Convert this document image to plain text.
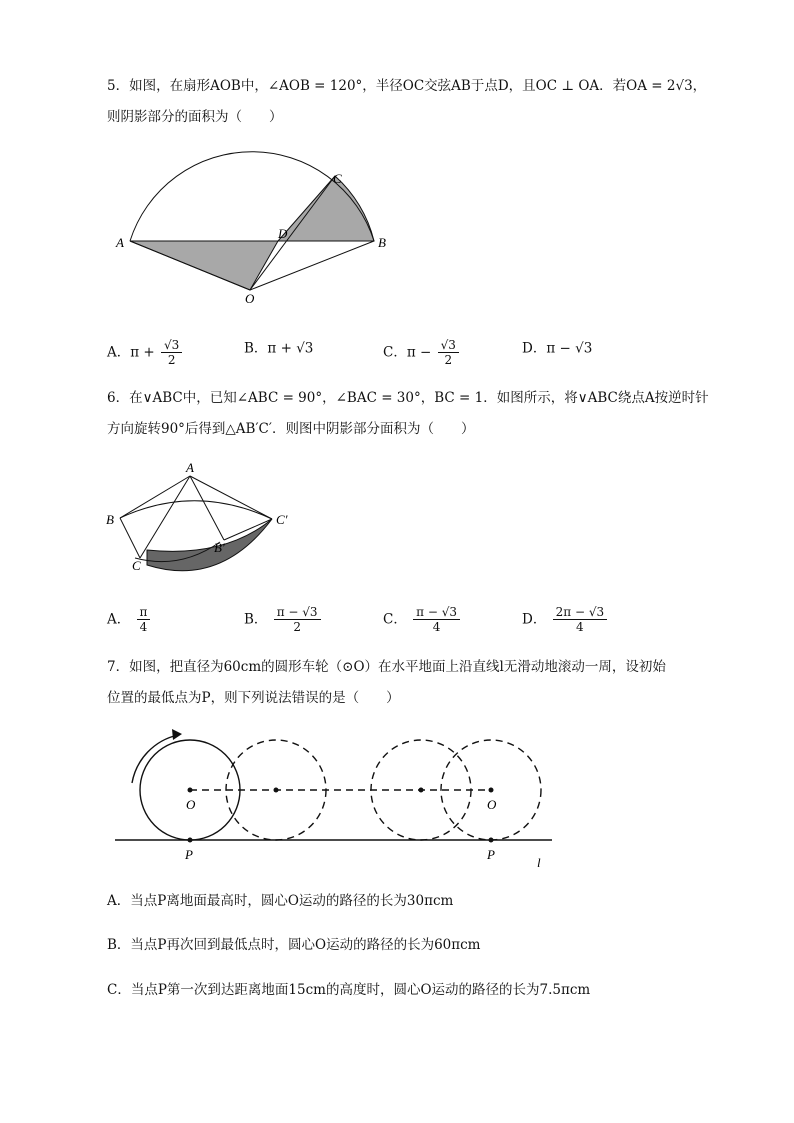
5．如图，在扇形AOB中，∠AOB = 120°，半径OC交弦AB于点D，且OC ⊥ OA．若OA = 2√3，
则阴影部分的面积为（　　）
A	B
C
D
O
A．$\pi + \frac{√3}{2}$	B．π + √3	C．$\pi - \frac{√3}{2}$	D．π − √3
6．在∨ABC中，已知∠ABC = 90°，∠BAC = 30°，BC = 1．如图所示，将∨ABC绕点A按逆时针
方向旋转90°后得到△AB′C′．则图中阴影部分面积为（　　）
A
B
C
B′
C′
A． $\frac{\pi}{4}$	B． $\frac{\pi - √3}{2}$	C． $\frac{\pi - √3}{4}$	D． $\frac{2\pi - √3}{4}$
7．如图，把直径为60cm的圆形车轮（⊙O）在水平地面上沿直线l无滑动地滚动一周，设初始
位置的最低点为P，则下列说法错误的是（　　）
O	O
P	P
l
A．当点P离地面最高时，圆心O运动的路径的长为30πcm
B．当点P再次回到最低点时，圆心O运动的路径的长为60πcm
C．当点P第一次到达距离地面15cm的高度时，圆心O运动的路径的长为7.5πcm
